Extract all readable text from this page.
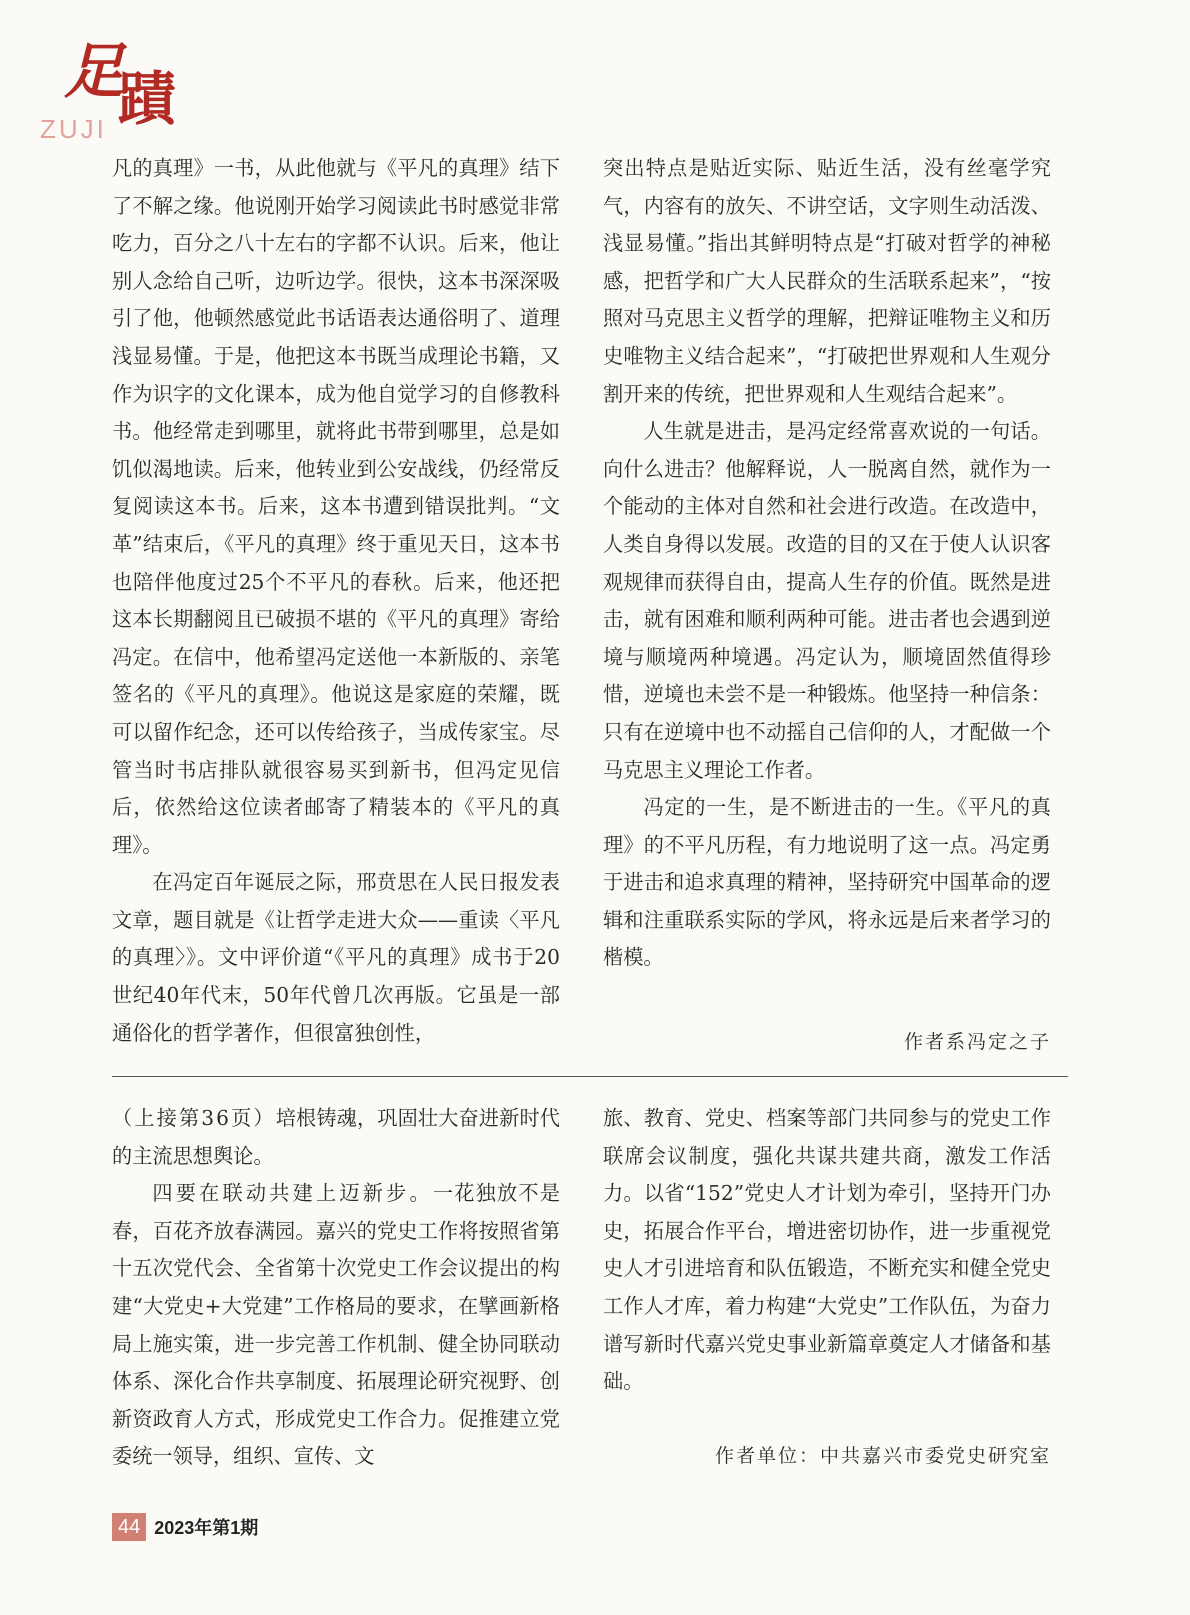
足
蹟
ZUJI

凡的真理》一书，从此他就与《平凡的真理》结下了不解之缘。他说刚开始学习阅读此书时感觉非常吃力，百分之八十左右的字都不认识。后来，他让别人念给自己听，边听边学。很快，这本书深深吸引了他，他顿然感觉此书话语表达通俗明了、道理浅显易懂。于是，他把这本书既当成理论书籍，又作为识字的文化课本，成为他自觉学习的自修教科书。他经常走到哪里，就将此书带到哪里，总是如饥似渴地读。后来，他转业到公安战线，仍经常反复阅读这本书。后来，这本书遭到错误批判。“文革”结束后，《平凡的真理》终于重见天日，这本书也陪伴他度过25个不平凡的春秋。后来，他还把这本长期翻阅且已破损不堪的《平凡的真理》寄给冯定。在信中，他希望冯定送他一本新版的、亲笔签名的《平凡的真理》。他说这是家庭的荣耀，既可以留作纪念，还可以传给孩子，当成传家宝。尽管当时书店排队就很容易买到新书，但冯定见信后，依然给这位读者邮寄了精装本的《平凡的真理》。

在冯定百年诞辰之际，邢贲思在人民日报发表文章，题目就是《让哲学走进大众——重读〈平凡的真理〉》。文中评价道“《平凡的真理》成书于20世纪40年代末，50年代曾几次再版。它虽是一部通俗化的哲学著作，但很富独创性，

突出特点是贴近实际、贴近生活，没有丝毫学究气，内容有的放矢、不讲空话，文字则生动活泼、浅显易懂。”指出其鲜明特点是“打破对哲学的神秘感，把哲学和广大人民群众的生活联系起来”，“按照对马克思主义哲学的理解，把辩证唯物主义和历史唯物主义结合起来”，“打破把世界观和人生观分割开来的传统，把世界观和人生观结合起来”。

人生就是进击，是冯定经常喜欢说的一句话。向什么进击？他解释说，人一脱离自然，就作为一个能动的主体对自然和社会进行改造。在改造中，人类自身得以发展。改造的目的又在于使人认识客观规律而获得自由，提高人生存的价值。既然是进击，就有困难和顺利两种可能。进击者也会遇到逆境与顺境两种境遇。冯定认为，顺境固然值得珍惜，逆境也未尝不是一种锻炼。他坚持一种信条：只有在逆境中也不动摇自己信仰的人，才配做一个马克思主义理论工作者。

冯定的一生，是不断进击的一生。《平凡的真理》的不平凡历程，有力地说明了这一点。冯定勇于进击和追求真理的精神，坚持研究中国革命的逻辑和注重联系实际的学风，将永远是后来者学习的楷模。

作者系冯定之子

（上接第36页）培根铸魂，巩固壮大奋进新时代的主流思想舆论。

四要在联动共建上迈新步。一花独放不是春，百花齐放春满园。嘉兴的党史工作将按照省第十五次党代会、全省第十次党史工作会议提出的构建“大党史+大党建”工作格局的要求，在擘画新格局上施实策，进一步完善工作机制、健全协同联动体系、深化合作共享制度、拓展理论研究视野、创新资政育人方式，形成党史工作合力。促推建立党委统一领导，组织、宣传、文

旅、教育、党史、档案等部门共同参与的党史工作联席会议制度，强化共谋共建共商，激发工作活力。以省“152”党史人才计划为牵引，坚持开门办史，拓展合作平台，增进密切协作，进一步重视党史人才引进培育和队伍锻造，不断充实和健全党史工作人才库，着力构建“大党史”工作队伍，为奋力谱写新时代嘉兴党史事业新篇章奠定人才储备和基础。

作者单位：中共嘉兴市委党史研究室
44 2023年第1期
